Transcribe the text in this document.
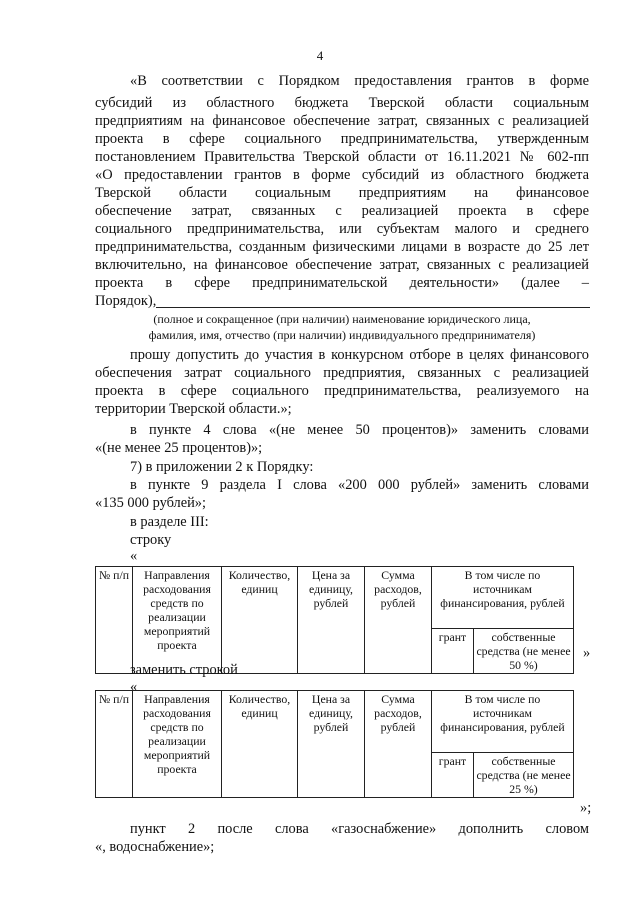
4
«В соответствии с Порядком предоставления грантов в форме
субсидий из областного бюджета Тверской области социальным
предприятиям на финансовое обеспечение затрат, связанных с реализацией
проекта в сфере социального предпринимательства, утвержденным
постановлением Правительства Тверской области от 16.11.2021 № 602-пп
«О предоставлении грантов в форме субсидий из областного бюджета
Тверской области социальным предприятиям на финансовое
обеспечение затрат, связанных с реализацией проекта в сфере
социального предпринимательства, или субъектам малого и среднего
предпринимательства, созданным физическими лицами в возрасте до 25 лет
включительно, на финансовое обеспечение затрат, связанных с реализацией
проекта в сфере предпринимательской деятельности» (далее –
Порядок),
(полное и сокращенное (при наличии) наименование юридического лица,
фамилия, имя, отчество (при наличии) индивидуального предпринимателя)
прошу допустить до участия в конкурсном отборе в целях финансового
обеспечения затрат социального предприятия, связанных с реализацией
проекта в сфере социального предпринимательства, реализуемого на
территории Тверской области.»;
в пункте 4 слова «(не менее 50 процентов)» заменить словами
«(не менее 25 процентов)»;
7) в приложении 2 к Порядку:
в пункте 9 раздела I слова «200 000 рублей» заменить словами
«135 000 рублей»;
в разделе III:
строку
«
№ п/п	Направления расходования средств по реализации мероприятий проекта	Количество, единиц	Цена за единицу, рублей	Сумма расходов, рублей	В том числе по источникам финансирования, рублей	
					грант	собственные средства (не менее 50 %)
»
заменить строкой
«
№ п/п	Направления расходования средств по реализации мероприятий проекта	Количество, единиц	Цена за единицу, рублей	Сумма расходов, рублей	В том числе по источникам финансирования, рублей	
					грант	собственные средства (не менее 25 %)
»;
пункт 2 после слова «газоснабжение» дополнить словом
«, водоснабжение»;
